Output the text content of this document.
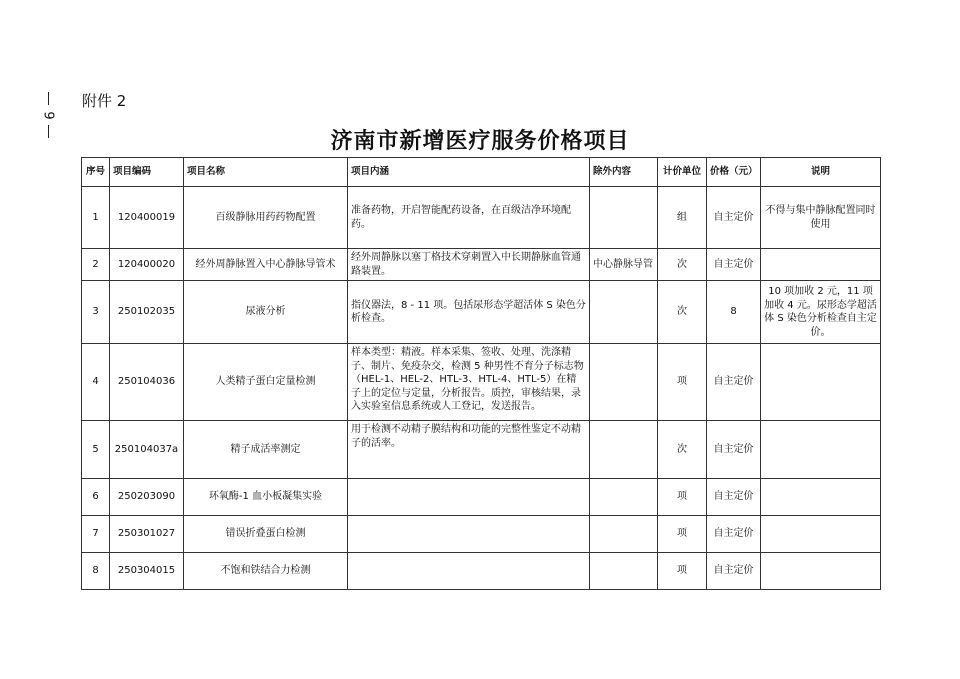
9
附件 2
济南市新增医疗服务价格项目
序号	项目编码	项目名称	项目内涵	除外内容	计价单位	价格（元）	说明
1	120400019	百级静脉用药药物配置	准备药物，开启智能配药设备，在百级洁净环境配药。		组	自主定价	不得与集中静脉配置同时使用
2	120400020	经外周静脉置入中心静脉导管术	经外周静脉以塞丁格技术穿刺置入中长期静脉血管通路装置。	中心静脉导管	次	自主定价	
3	250102035	尿液分析	指仪器法，8 - 11 项。包括尿形态学超活体 S 染色分析检查。		次	8	10 项加收 2 元，11 项加收 4 元。尿形态学超活体 S 染色分析检查自主定价。
4	250104036	人类精子蛋白定量检测	样本类型：精液。样本采集、签收、处理、洗涤精子、制片、免疫杂交，检测 5 种男性不育分子标志物（HEL-1、HEL-2、HTL-3、HTL-4、HTL-5）在精子上的定位与定量，分析报告。质控，审核结果，录入实验室信息系统或人工登记，发送报告。		项	自主定价	
5	250104037a	精子成活率测定	用于检测不动精子膜结构和功能的完整性鉴定不动精子的活率。		次	自主定价	
6	250203090	环氧酶-1 血小板凝集实验			项	自主定价	
7	250301027	错误折叠蛋白检测			项	自主定价	
8	250304015	不饱和铁结合力检测			项	自主定价	
